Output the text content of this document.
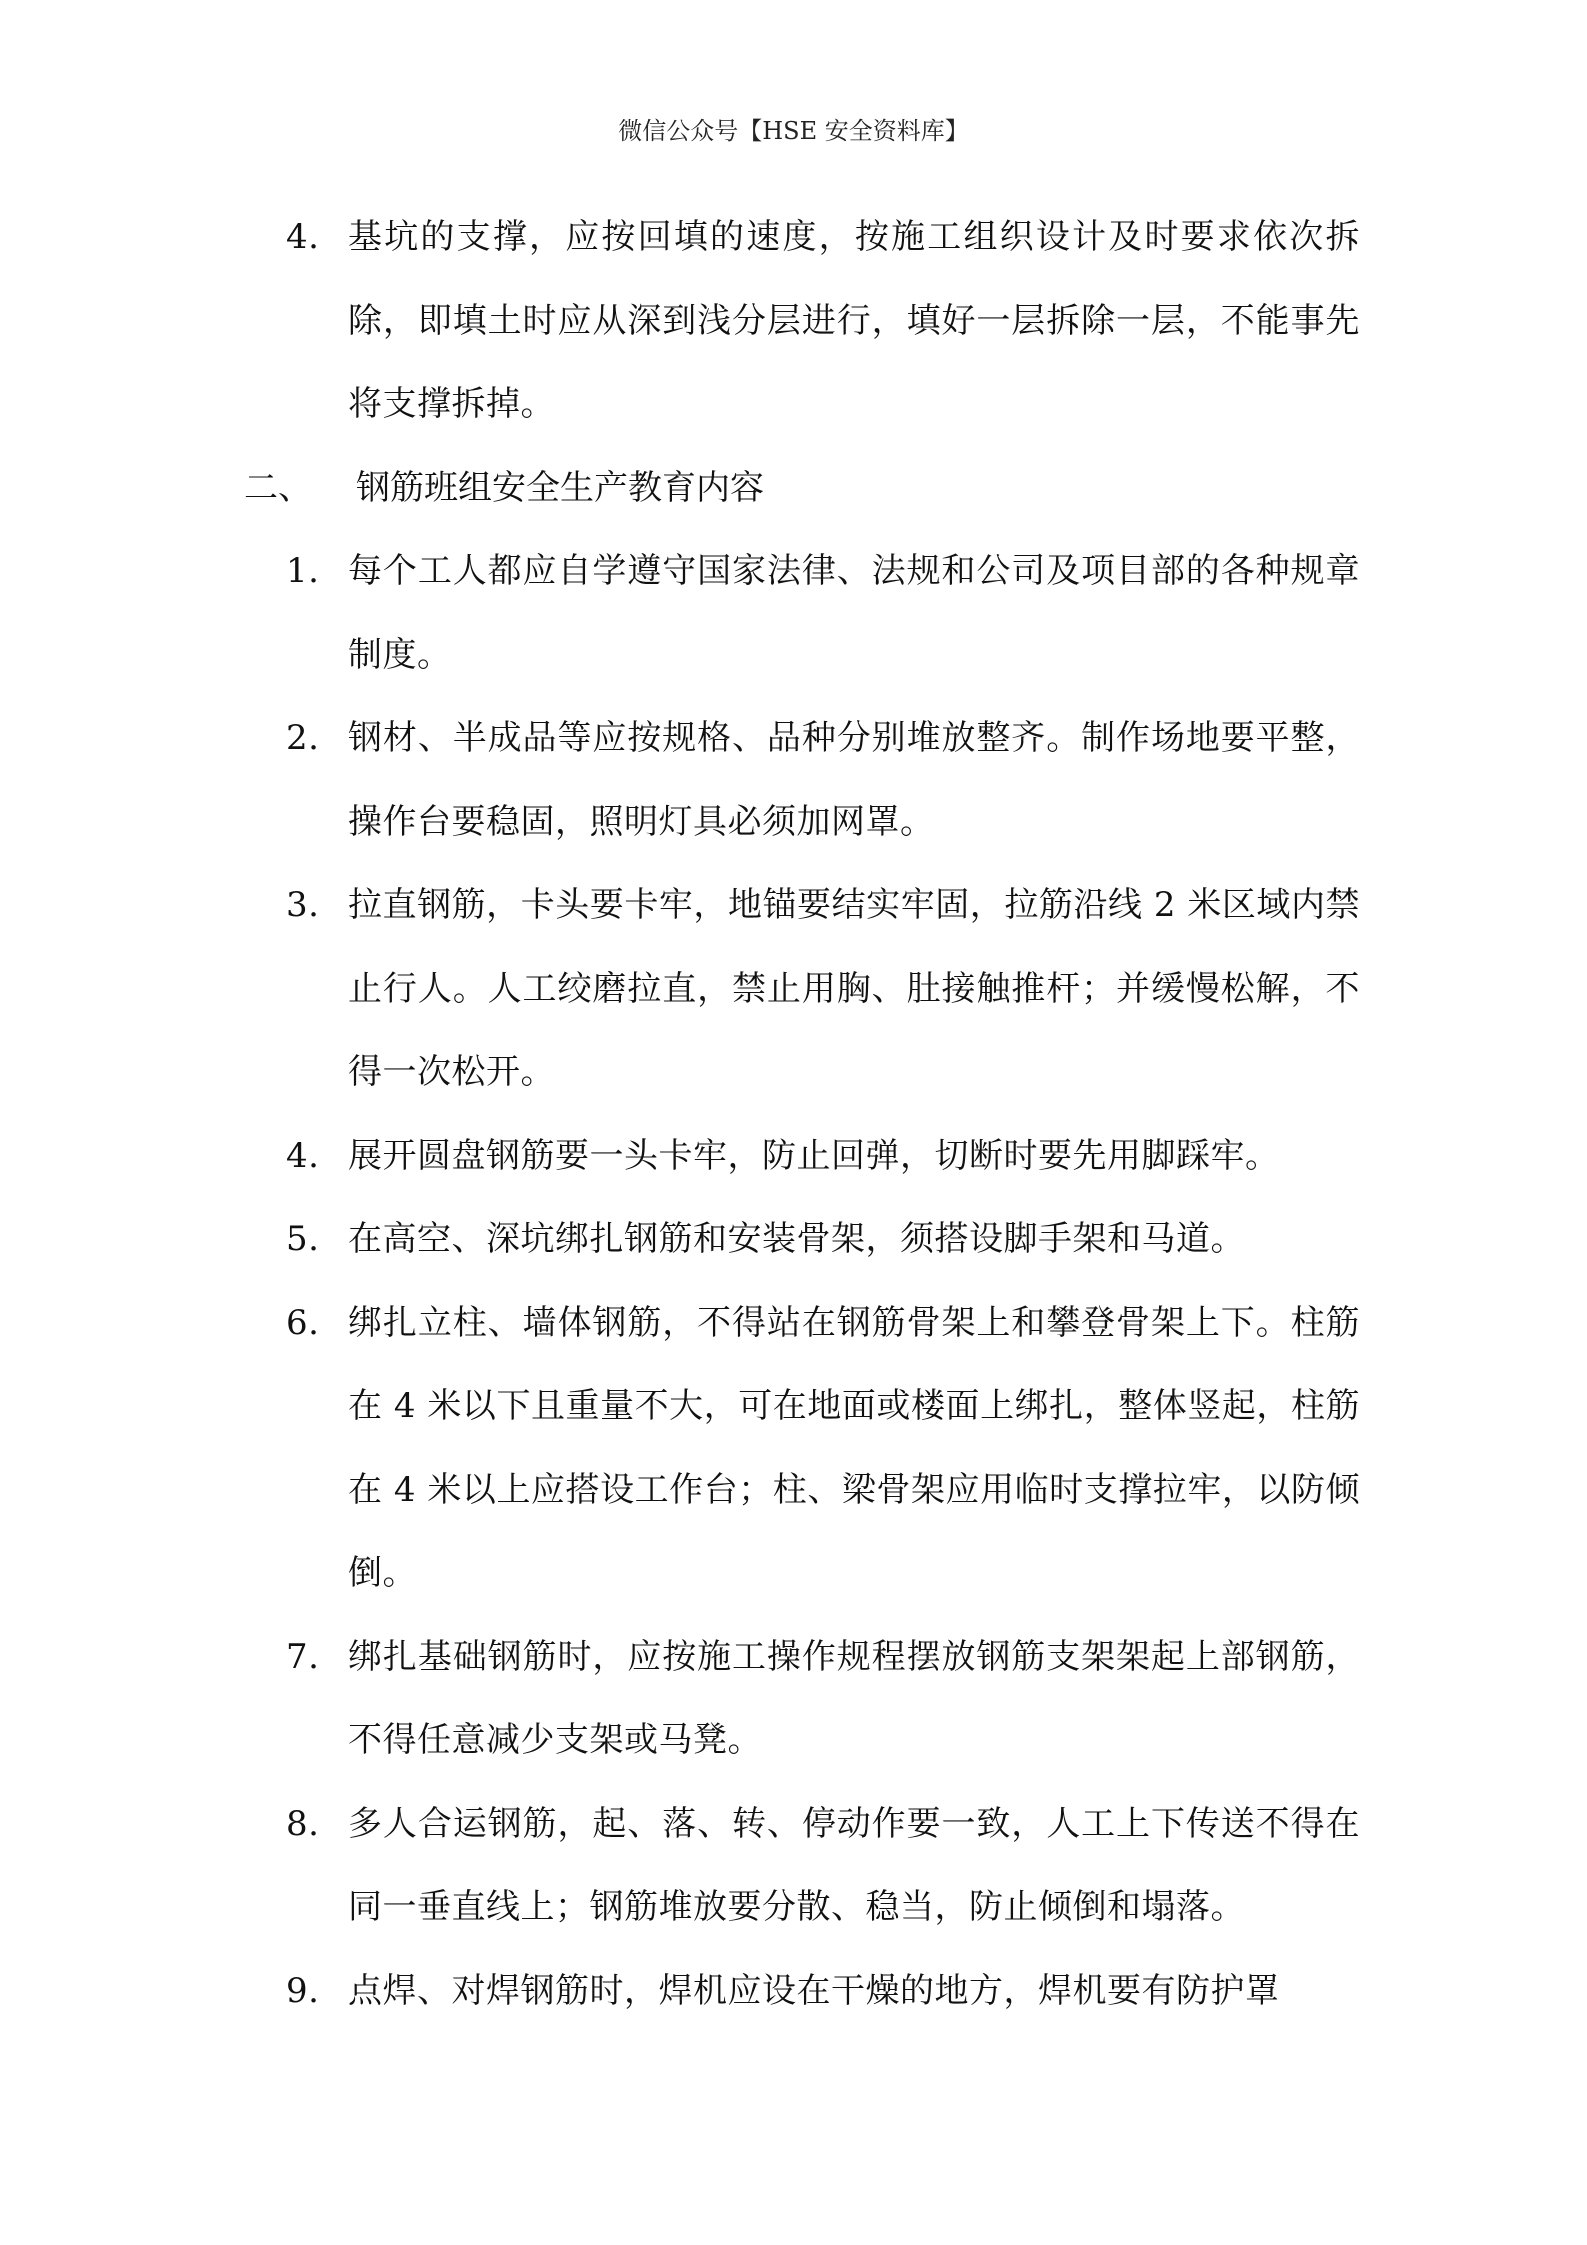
微信公众号【HSE 安全资料库】
4. 基坑的支撑，应按回填的速度，按施工组织设计及时要求依次拆除，即填土时应从深到浅分层进行，填好一层拆除一层，不能事先将支撑拆掉。
二、 钢筋班组安全生产教育内容
1. 每个工人都应自学遵守国家法律、法规和公司及项目部的各种规章制度。
2. 钢材、半成品等应按规格、品种分别堆放整齐。制作场地要平整，操作台要稳固，照明灯具必须加网罩。
3. 拉直钢筋，卡头要卡牢，地锚要结实牢固，拉筋沿线 2 米区域内禁止行人。人工绞磨拉直，禁止用胸、肚接触推杆；并缓慢松解，不得一次松开。
4. 展开圆盘钢筋要一头卡牢，防止回弹，切断时要先用脚踩牢。
5. 在高空、深坑绑扎钢筋和安装骨架，须搭设脚手架和马道。
6. 绑扎立柱、墙体钢筋，不得站在钢筋骨架上和攀登骨架上下。柱筋在 4 米以下且重量不大，可在地面或楼面上绑扎，整体竖起，柱筋在 4 米以上应搭设工作台；柱、梁骨架应用临时支撑拉牢，以防倾倒。
7. 绑扎基础钢筋时，应按施工操作规程摆放钢筋支架架起上部钢筋，不得任意减少支架或马凳。
8. 多人合运钢筋，起、落、转、停动作要一致，人工上下传送不得在同一垂直线上；钢筋堆放要分散、稳当，防止倾倒和塌落。
9. 点焊、对焊钢筋时，焊机应设在干燥的地方，焊机要有防护罩
